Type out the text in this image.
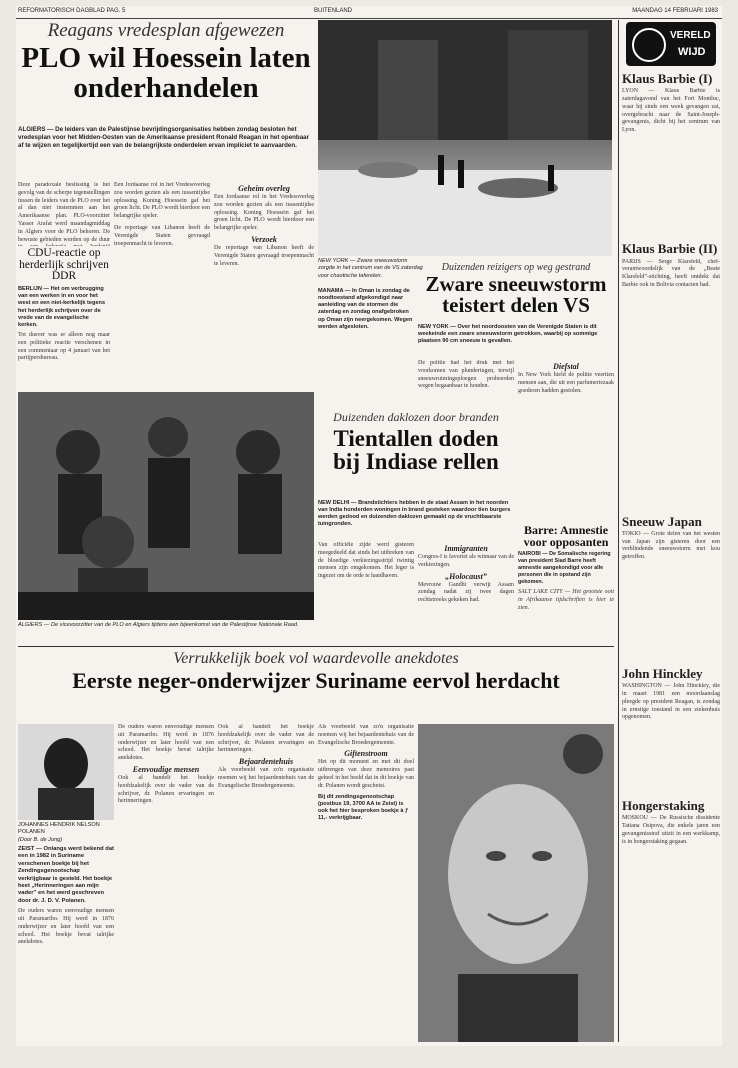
REFORMATORISCH DAGBLAD PAG. 5	BUITENLAND	MAANDAG 14 FEBRUARI 1983
Reagans vredesplan afgewezen
PLO wil Hoessein laten onderhandelen
ALGIERS — De leiders van de Palestijnse bevrijdingsorganisaties hebben zondag besloten het vredesplan voor het Midden-Oosten van de Amerikaanse president Ronald Reagan in het openbaar af te wijzen en tegelijkertijd een van de belangrijkste onderdelen ervan impliciet te aanvaarden.
Deze paradoxale beslissing is het gevolg van de scherpe tegenstellingen tussen de leiders van de PLO over het al dan niet instemmen aan het Amerikaanse plan. PLO-voorzitter Yasser Arafat werd maandagmiddag in Algiers voor de PLO behoren. De bewuste gebieden worden op de duur
CDU-reactie op herderlijk schrijven DDR
BERLIJN — Het om verbrugging van een werken in en voor het west en een niet-kerkelijk tegens het herderlijk schrijven over de vrede van de evangelische kerken.
Tot dusver was er alleen nog maar een politieke reactie verschenen in een commentaar op 4 januari van het partijpersbureau.
Een Jordaanse rol in het Vredesoverleg zou worden gezien als een tussentijdse oplossing. Koning Hoessein gaf het groen licht. De PLO wordt hierdoor een belangrijke speler.
De reportage van Libanon heeft de Verenigde Staten gevraagd troepenmacht te leveren.
Geheim overleg
Een Jordaanse rol in het Vredesoverleg zou worden gezien als een tussentijdse oplossing. Koning Hoessein gaf het groen licht. De PLO wordt hierdoor een belangrijke speler.
Verzoek
De reportage van Libanon heeft de Verenigde Staten gevraagd troepenmacht te leveren.	NEW YORK — Zware sneeuwstorm zorgde in het centrum van de VS zaterdag voor chaotische taferelen.
MANAMA — In Oman is zondag de noodtoestand afgekondigd naar aanleiding van de stormen die zaterdag en zondag onafgebroken op Oman zijn neergekomen. Wegen werden afgesloten.
Duizenden reizigers op weg gestrand
Zware sneeuwstorm teistert delen VS
NEW YORK — Over het noordoosten van de Verenigde Staten is dit weekeinde een zware sneeuwstorm getrokken, waarbij op sommige plaatsen 90 cm sneeuw is gevallen.
De politie had het druk met het voorkomen van plunderingen, terwijl sneeuwruimingsploegen probeerden wegen begaanbaar te houden.
Diefstal
In New York hield de politie veertien mensen aan, die uit een parfumeriezaak goederen hadden gestolen.
ALGIERS — De vicevoorzitter van de PLO en Algiers tijdens een bijeenkomst van de Palestijnse Nationale Raad.
Duizenden daklozen door branden
Tientallen doden bij Indiase rellen
NEW DELHI — Brandstichters hebben in de staat Assam in het noorden van India honderden woningen in brand gesteken waardoor tien burgers werden gedood en duizenden daklozen gemaakt op de vruchtbaarste tuingronden.
Van officiële zijde werd gisteren meegedeeld dat sinds het uitbreken van de bloedige verkiezingsstrijd twintig mensen zijn omgekomen. Het leger is ingezet om de orde te handhaven.
Immigranten
Congres-I is favoriet als winnaar van de verkiezingen.
„Holocaust”
Mevrouw Gandhi verwijt Assam zondag nadat zij twee dagen rechtstreeks gekeken had.
Barre: Amnestie voor opposanten
NAIROBI — De Somalische regering van president Siad Barre heeft amnestie aangekondigd voor alle personen die in opstand zijn gekomen.
SALT LAKE CITY — Het grootste ooit in Afrikaanse tijdschriften is hier te zien.
Verrukkelijk boek vol waardevolle anekdotes
Eerste neger-onderwijzer Suriname eervol herdacht
JOHANNES HENDRIK NELSON POLANEN
(Door B. de Jong)
ZEIST — Onlangs werd bekend dat een in 1982 in Suriname verschenen boekje bij het Zendingsgenootschap verkrijgbaar is gesteld. Het boekje heet „Herinneringen aan mijn vader” en het werd geschreven door dr. J. D. V. Polanen.
De ouders waren eenvoudige mensen uit Paramaribo. Hij werd in 1876 onderwijzer en later hoofd van een school. Het boekje bevat talrijke anekdotes.
De ouders waren eenvoudige mensen uit Paramaribo. Hij werd in 1876 onderwijzer en later hoofd van een school. Het boekje bevat talrijke anekdotes.
Eenvoudige mensen
Ook al handelt het boekje hoofdzakelijk over de vader van de schrijver, dr. Polanen ervaringen en herinneringen.
Ook al handelt het boekje hoofdzakelijk over de vader van de schrijver, dr. Polanen ervaringen en herinneringen.
Bejaardentehuis
Als voorbeeld van zo'n organisatie noemen wij het bejaardentehuis van de Evangelische Broedergemeente.
Als voorbeeld van zo'n organisatie noemen wij het bejaardentehuis van de Evangelische Broedergemeente.
Giftenstroom
Het op dit moment en met dit doel uitbrengen van deze memoires past geheel in het beeld dat in dit boekje van dr. Polanen wordt geschetst.
Bij dit zendingsgenootschap (postbus 19, 3700 AA te Zeist) is ook het hier besproken boekje à ƒ 11,- verkrijgbaar.
VERELD
WIJD
Klaus Barbie (I)
LYON — Klaus Barbie is zaterdagavond van het Fort Montluc, waar hij sinds een week gevangen zat, overgebracht naar de Saint-Joseph-gevangenis, dicht bij het centrum van Lyon.
Klaus Barbie (II)
PARIJS — Serge Klarsfeld, chef-verantwoordelijk van de „Beate Klarsfeld”-stichting, heeft ontdekt dat Barbie ook in Bolivia contacten had.
Sneeuw Japan
TOKIO — Grote delen van het westen van Japan zijn gisteren door een verblindende sneeuwstorm met kou getroffen.
John Hinckley
WASHINGTON — John Hinckley, die in maart 1981 een moordaanslag pleegde op president Reagan, is zondag in ernstige toestand in een ziekenhuis opgenomen.
Hongerstaking
MOSKOU — De Russische dissidente Tatiana Osipova, die enkele jaren een gevangenisstraf uitzit in een werkkamp, is in hongerstaking gegaan.
